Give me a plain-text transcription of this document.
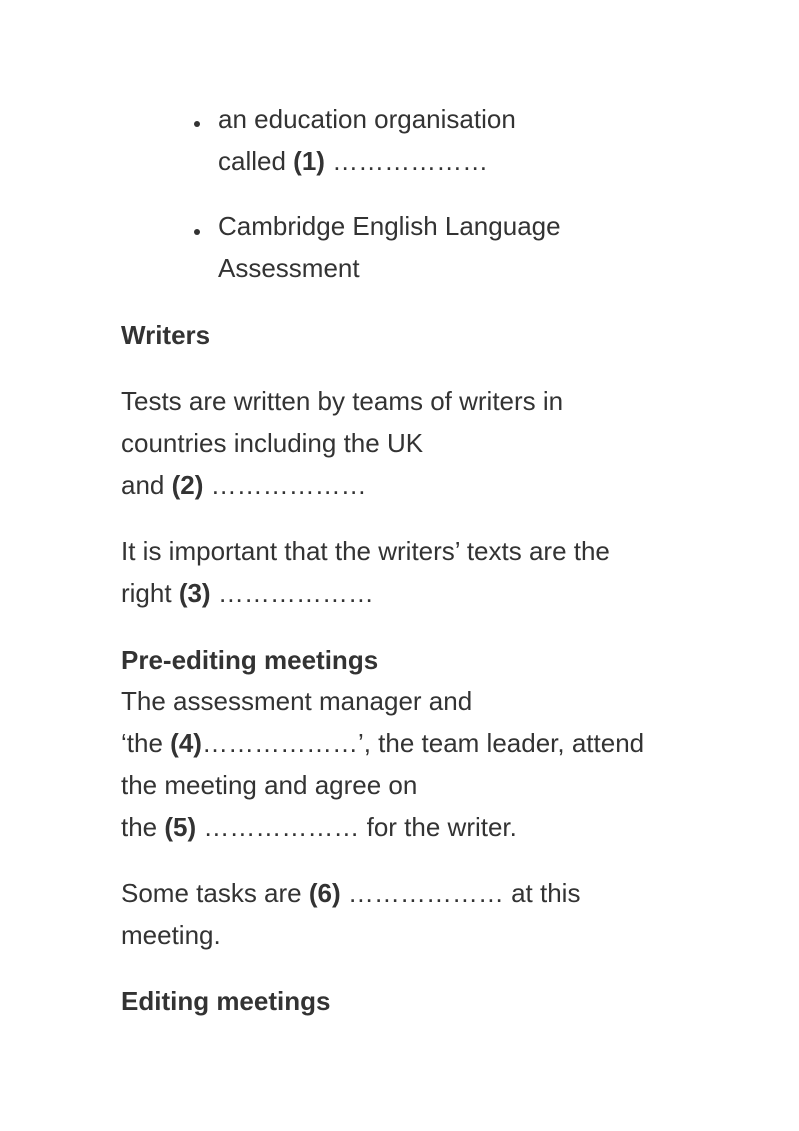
an education organisation
called (1) ………………
Cambridge English Language
Assessment
Writers
Tests are written by teams of writers in
countries including the UK
and (2) ………………
It is important that the writers’ texts are the
right (3) ………………
Pre-editing meetings
The assessment manager and
‘the (4)………………’, the team leader, attend
the meeting and agree on
the (5) ……………… for the writer.
Some tasks are (6) ……………… at this
meeting.
Editing meetings
